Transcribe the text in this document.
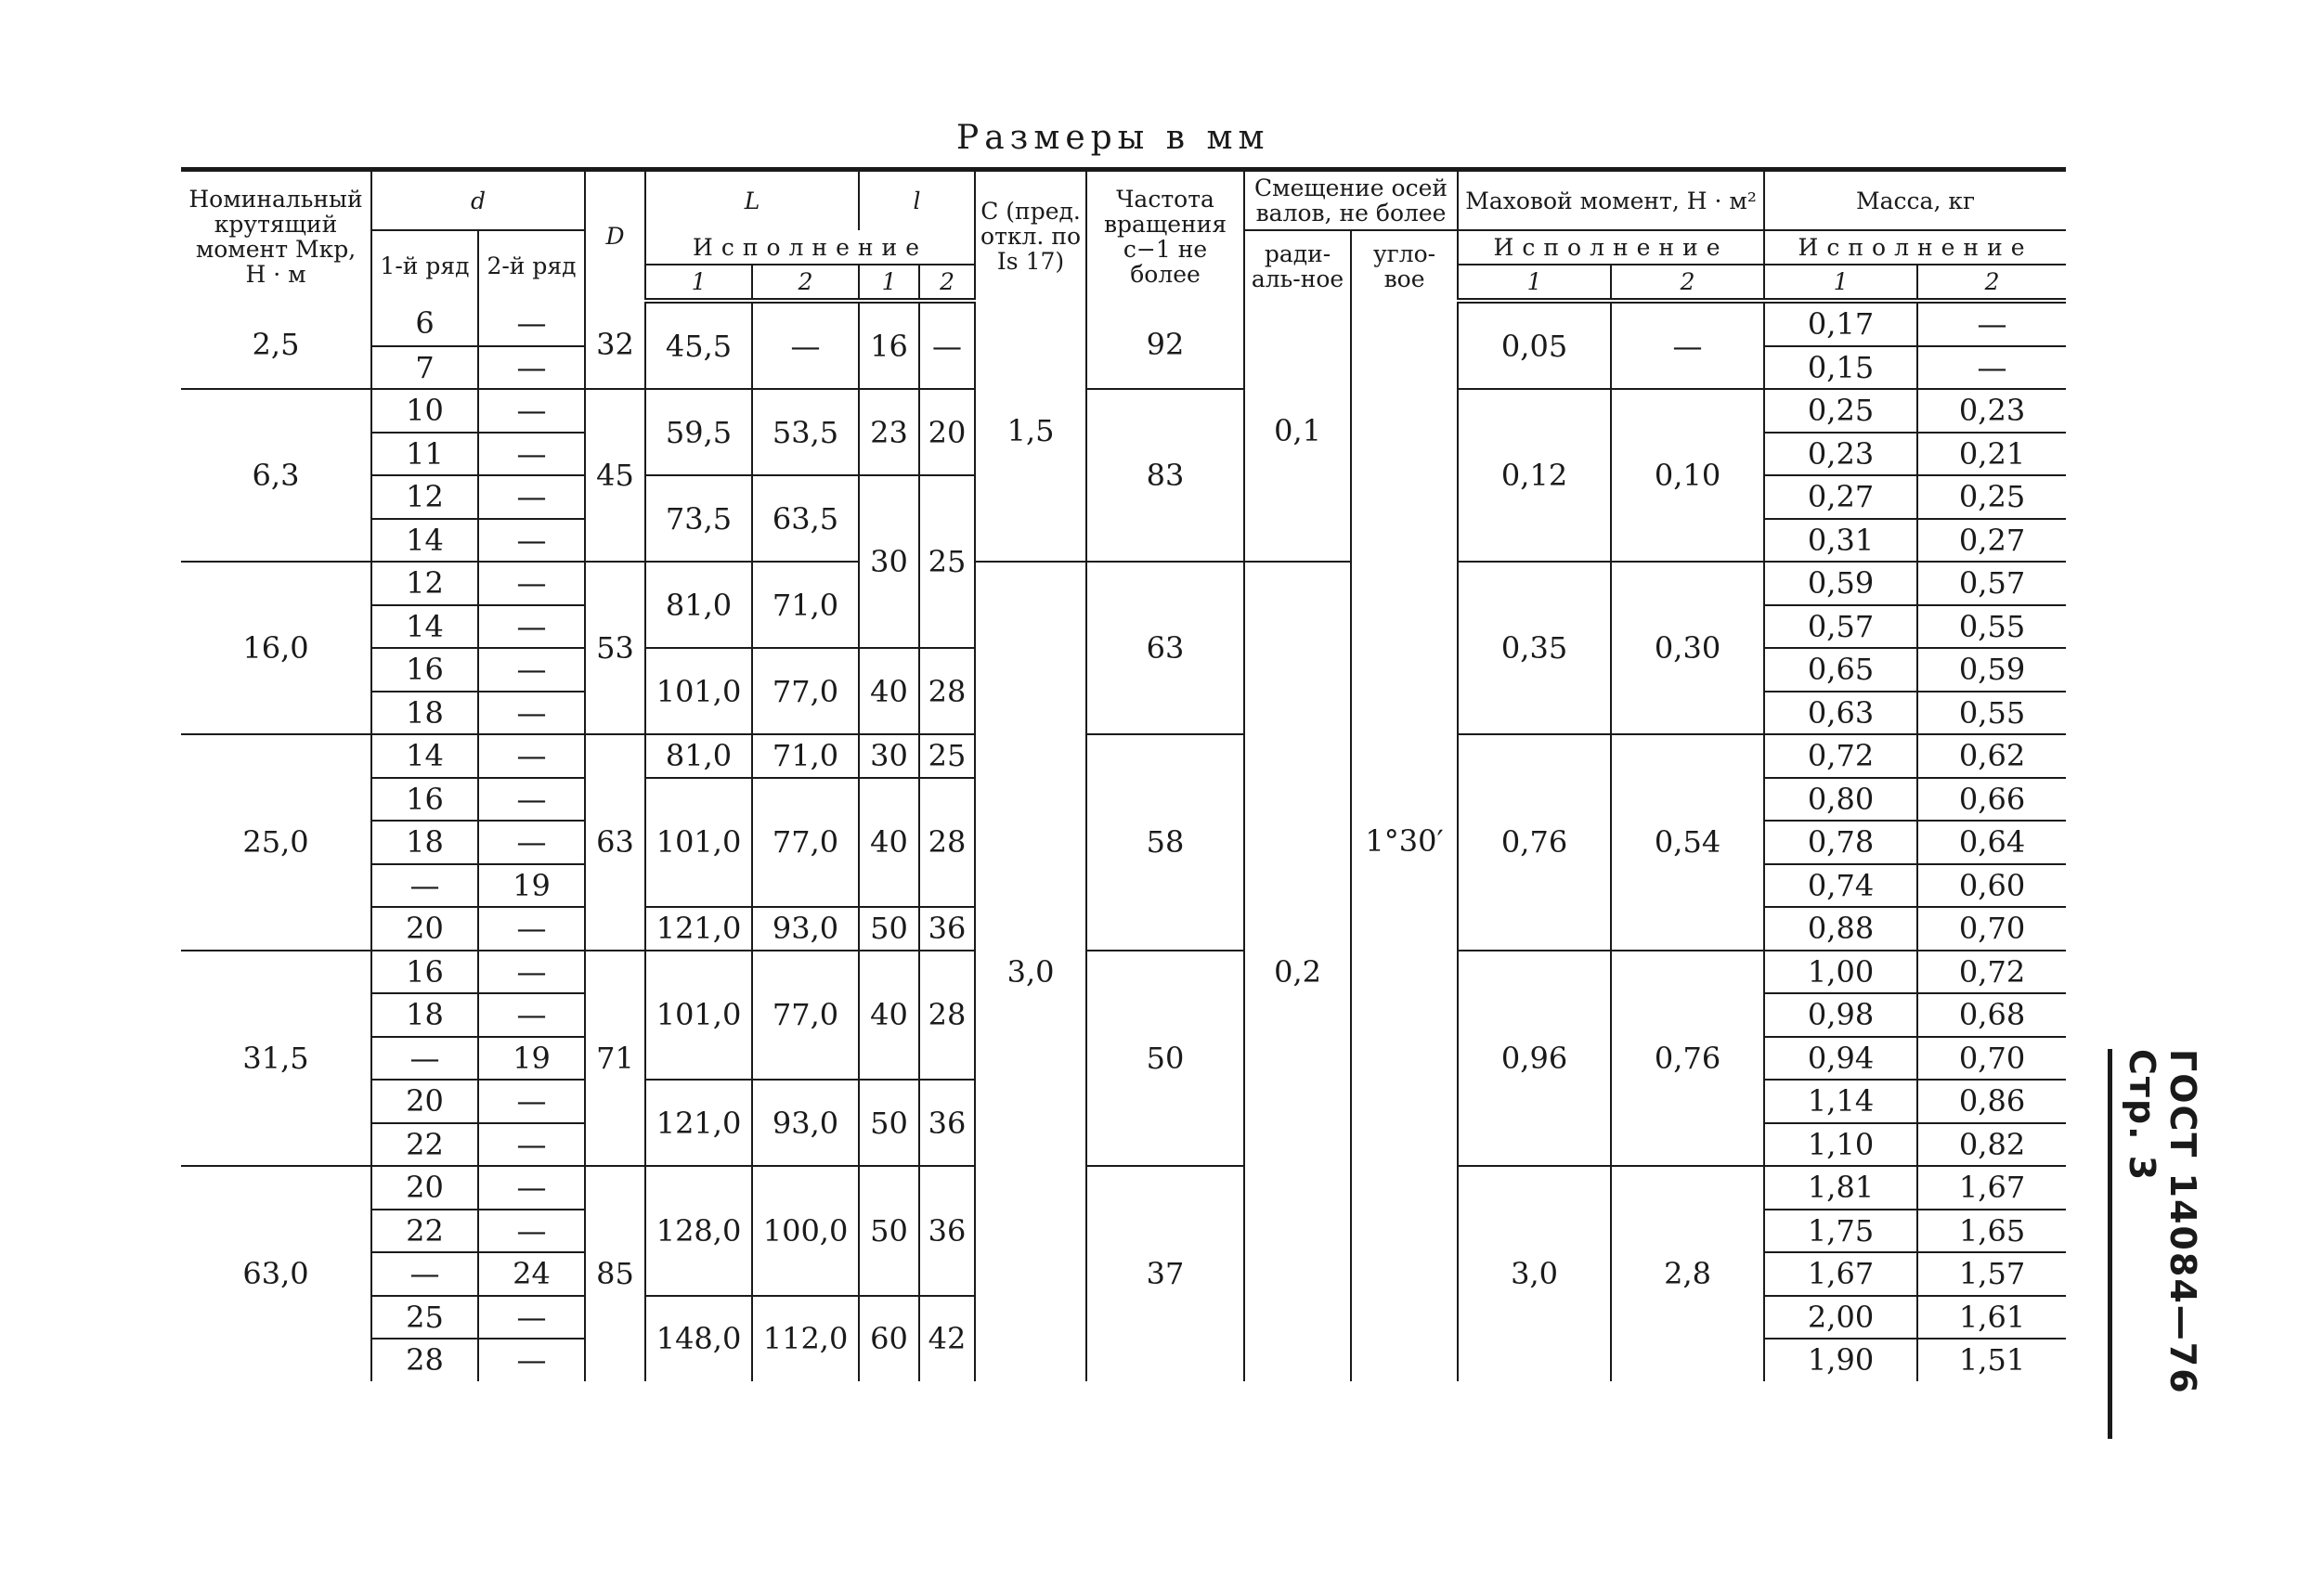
Размеры в мм
Номинальный крутящий момент Mкр, Н · м	d		D	L		l		C (пред. откл. по Is 17)	Частота вращения с−1 не более	Смещение осей валов, не более		Маховой момент, Н · м²		Масса, кг	
	1-й ряд	2-й ряд		Исполнение						ради-аль-ное	угло-вое	Исполнение		Исполнение	
				1	2	1	2					1	2	1	2
2,5	6	—	32	45,5	—	16	—	1,5	92	0,1	1°30′	0,05	—	0,17	—
	7	—												0,15	—
6,3	10	—	45	59,5	53,5	23	20		83			0,12	0,10	0,25	0,23
	11	—												0,23	0,21
	12	—		73,5	63,5	30	25							0,27	0,25
	14	—												0,31	0,27
16,0	12	—	53	81,0	71,0			3,0	63	0,2		0,35	0,30	0,59	0,57
	14	—												0,57	0,55
	16	—		101,0	77,0	40	28							0,65	0,59
	18	—												0,63	0,55
25,0	14	—	63	81,0	71,0	30	25		58			0,76	0,54	0,72	0,62
	16	—		101,0	77,0	40	28							0,80	0,66
	18	—												0,78	0,64
	—	19												0,74	0,60
	20	—		121,0	93,0	50	36							0,88	0,70
31,5	16	—	71	101,0	77,0	40	28		50			0,96	0,76	1,00	0,72
	18	—												0,98	0,68
	—	19												0,94	0,70
	20	—		121,0	93,0	50	36							1,14	0,86
	22	—												1,10	0,82
63,0	20	—	85	128,0	100,0	50	36		37			3,0	2,8	1,81	1,67
	22	—												1,75	1,65
	—	24												1,67	1,57
	25	—		148,0	112,0	60	42							2,00	1,61
	28	—												1,90	1,51	ГОСТ 14084—76 Стр. 3
